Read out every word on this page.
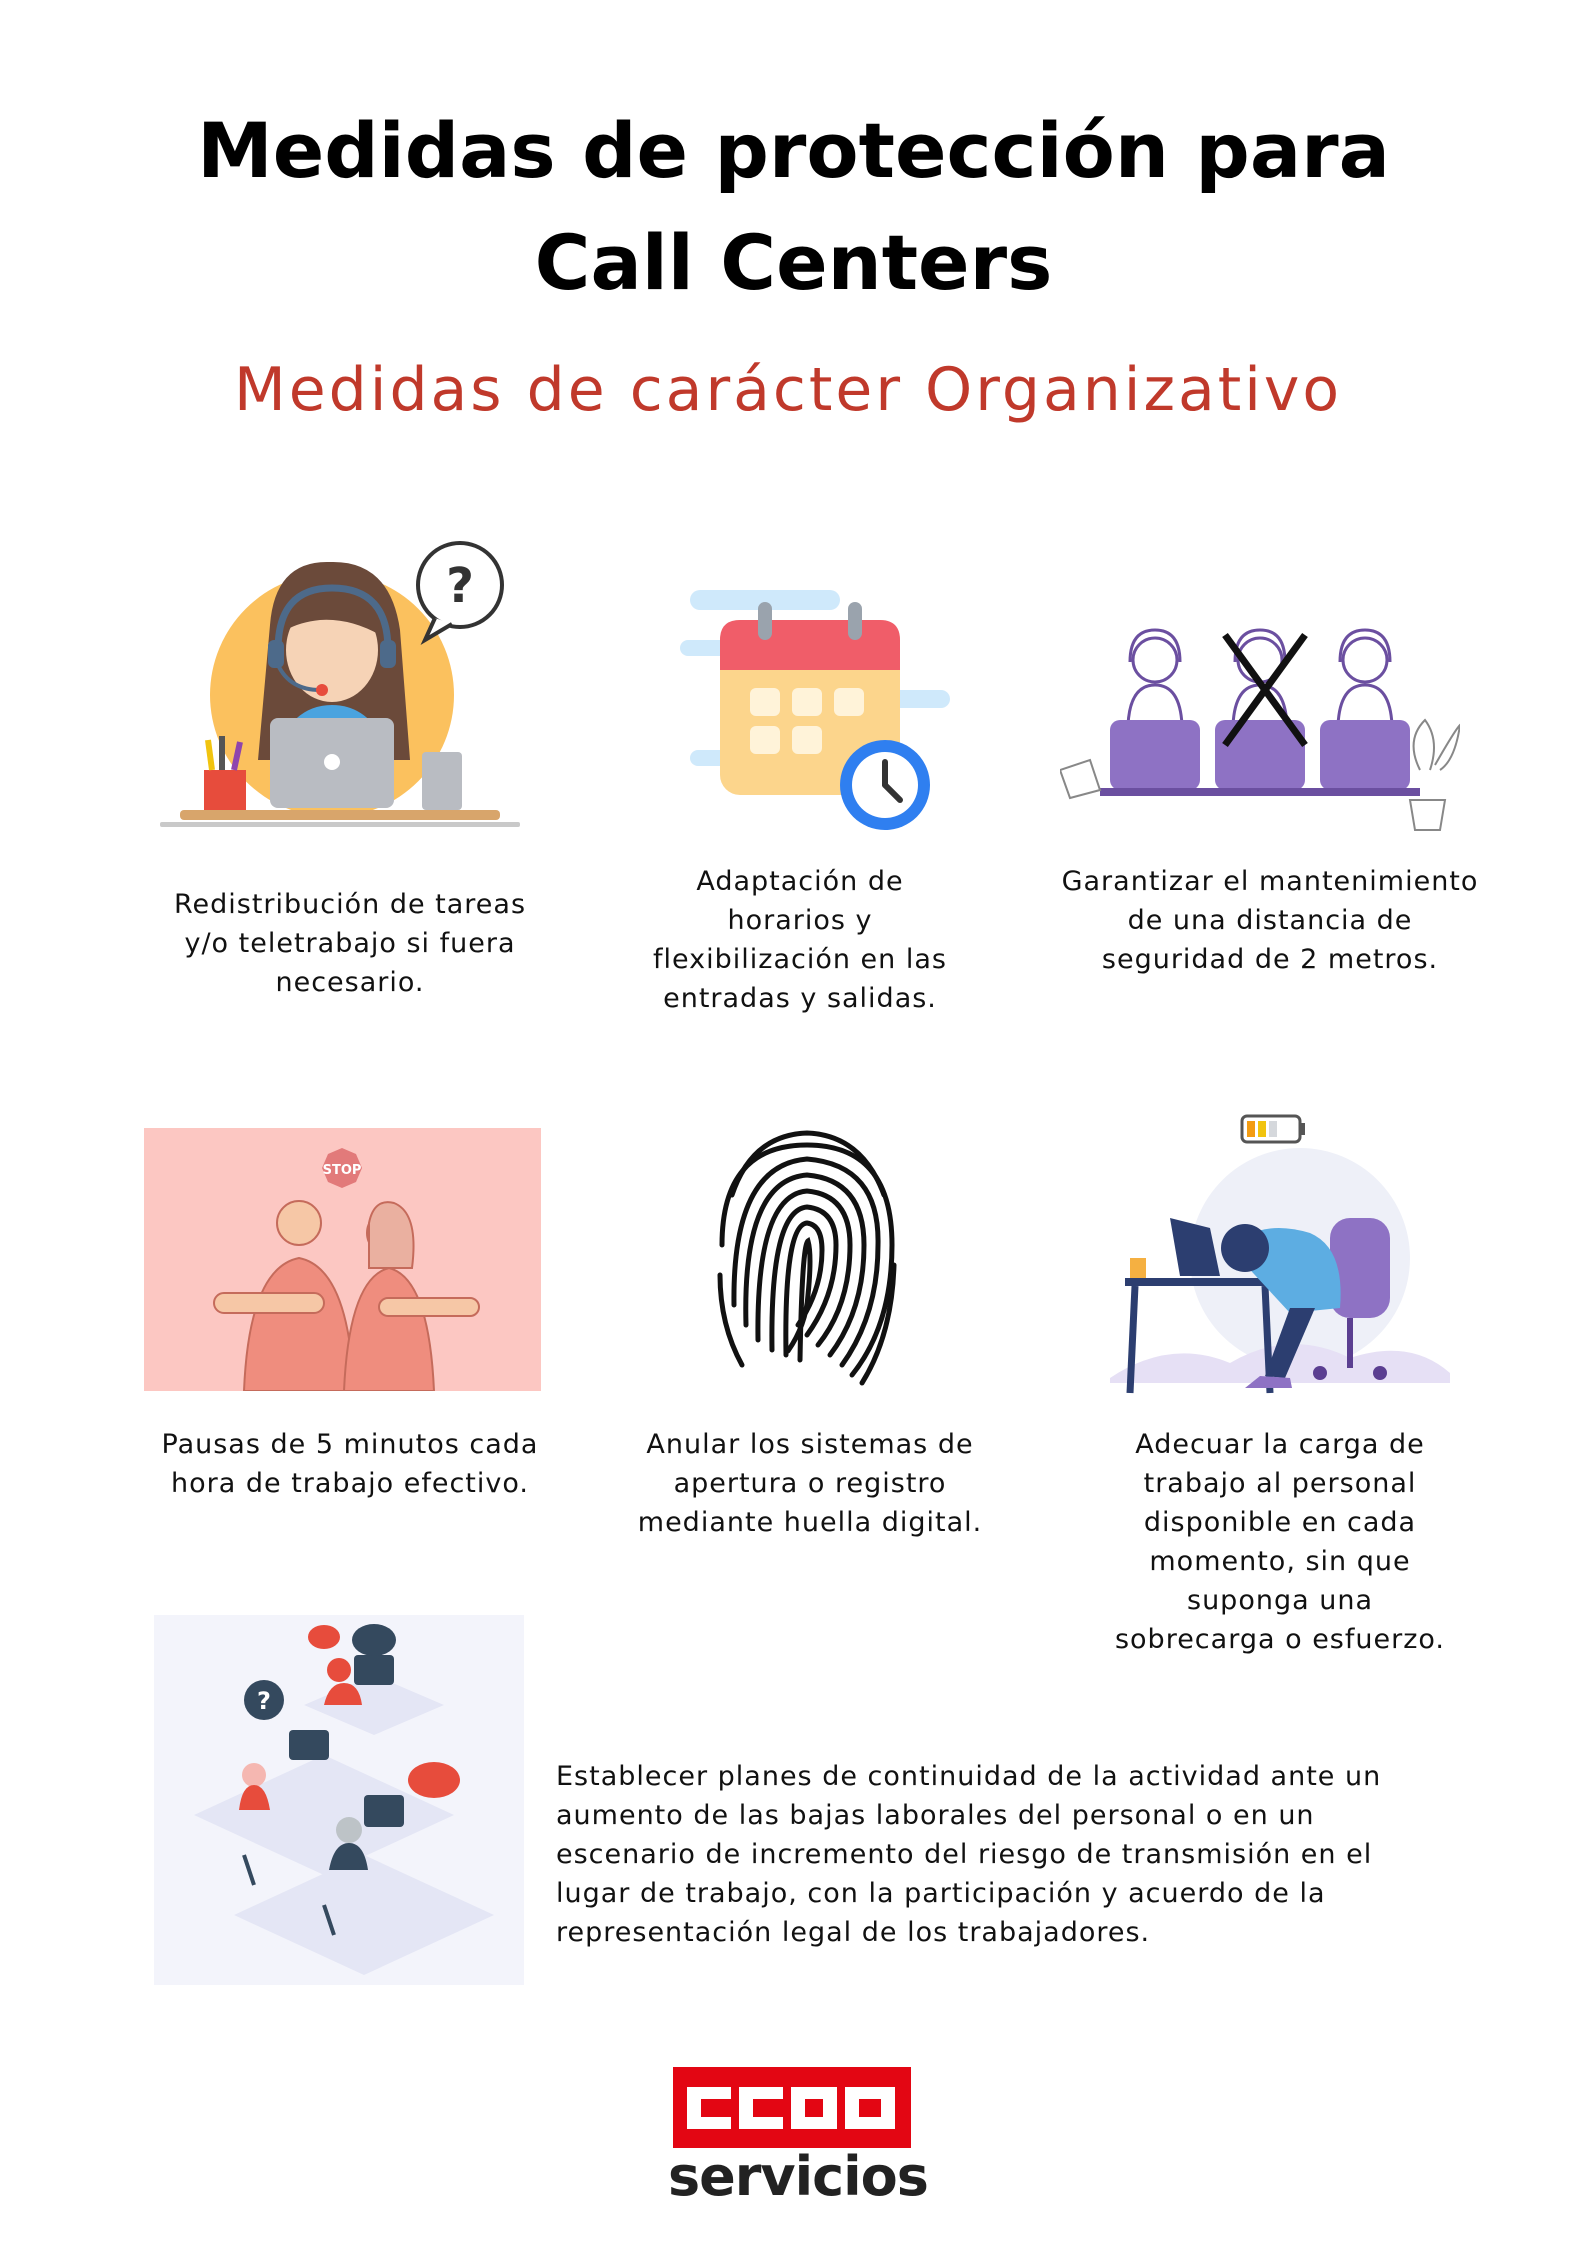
Medidas de protección para
Call Centers
Medidas de carácter Organizativo
?
Redistribución de tareas
y/o teletrabajo si fuera
necesario.
Adaptación de
horarios y
flexibilización en las
entradas y salidas.
Garantizar el mantenimiento
de una distancia de
seguridad de 2 metros.
STOP
Pausas de 5 minutos cada
hora de trabajo efectivo.
Anular los sistemas de
apertura o registro
mediante huella digital.
Adecuar la carga de
trabajo al personal
disponible en cada
momento, sin que
suponga una
sobrecarga o esfuerzo.
?
Establecer planes de continuidad de la actividad ante un
aumento de las bajas laborales del personal o en un
escenario de incremento del riesgo de transmisión en el
lugar de trabajo, con la participación y acuerdo de la
representación legal de los trabajadores.
servicios
